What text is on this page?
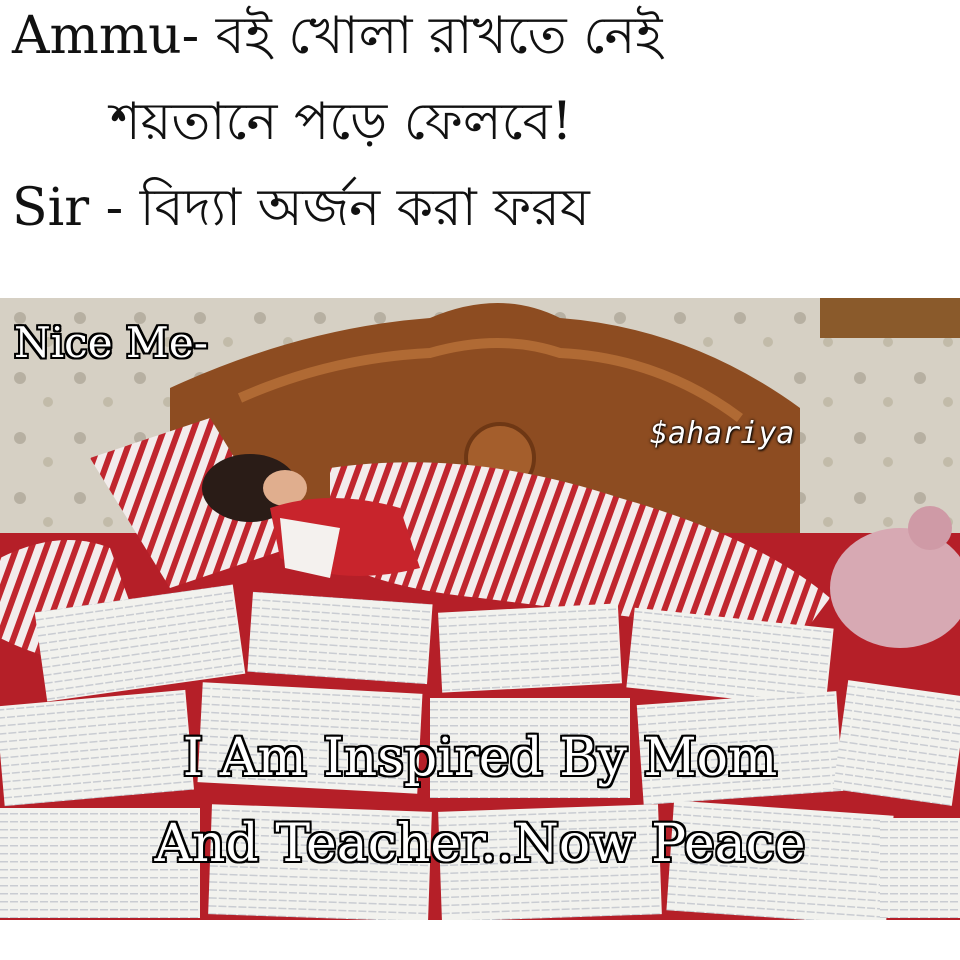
Ammu- বই খোলা রাখতে নেই
শয়তানে পড়ে ফেলবে!
Sir - বিদ্যা অর্জন করা ফরয
Nice Me-
$ahariya
I Am Inspired By Mom
And Teacher..Now Peace
